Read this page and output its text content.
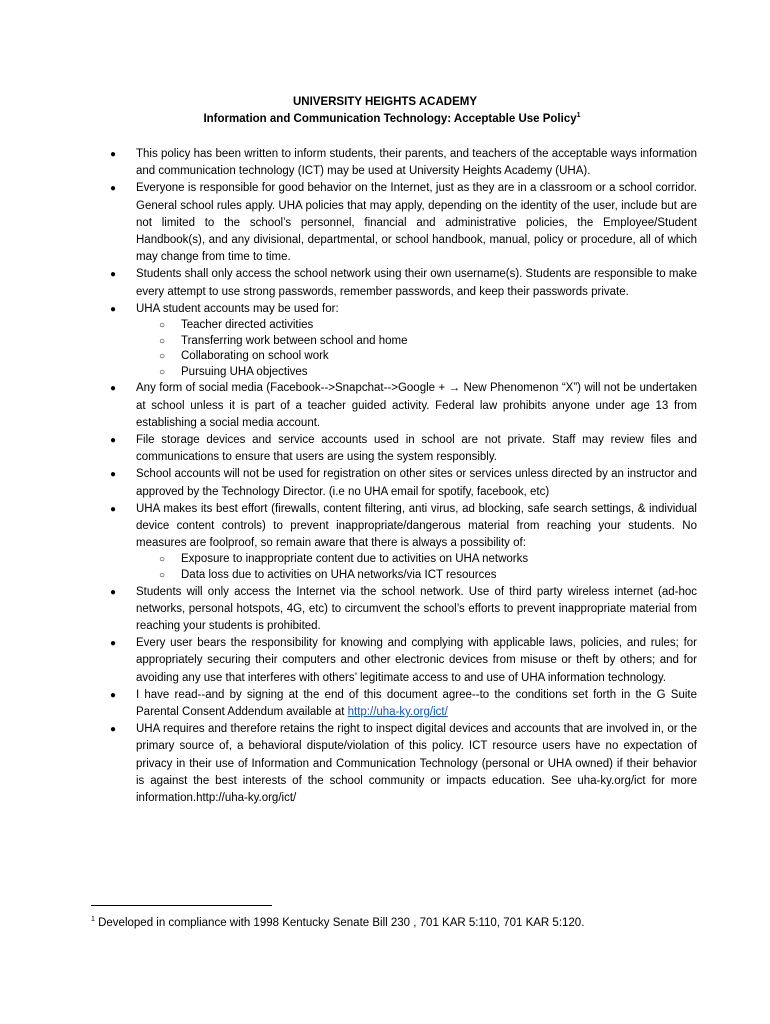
UNIVERSITY HEIGHTS ACADEMY
Information and Communication Technology: Acceptable Use Policy$^1$
● This policy has been written to inform students, their parents, and teachers of the acceptable ways information and communication technology (ICT) may be used at University Heights Academy (UHA).
● Everyone is responsible for good behavior on the Internet, just as they are in a classroom or a school corridor. General school rules apply. UHA policies that may apply, depending on the identity of the user, include but are not limited to the school’s personnel, financial and administrative policies, the Employee/Student Handbook(s), and any divisional, departmental, or school handbook, manual, policy or procedure, all of which may change from time to time.
● Students shall only access the school network using their own username(s). Students are responsible to make every attempt to use strong passwords, remember passwords, and keep their passwords private.
● UHA student accounts may be used for:
○ Teacher directed activities
○ Transferring work between school and home
○ Collaborating on school work
○ Pursuing UHA objectives
● Any form of social media (Facebook-->Snapchat-->Google + → New Phenomenon “X”) will not be undertaken at school unless it is part of a teacher guided activity. Federal law prohibits anyone under age 13 from establishing a social media account.
● File storage devices and service accounts used in school are not private. Staff may review files and communications to ensure that users are using the system responsibly.
● School accounts will not be used for registration on other sites or services unless directed by an instructor and approved by the Technology Director. (i.e no UHA email for spotify, facebook, etc)
● UHA makes its best effort (firewalls, content filtering, anti virus, ad blocking, safe search settings, & individual device content controls) to prevent inappropriate/dangerous material from reaching your students. No measures are foolproof, so remain aware that there is always a possibility of:
○ Exposure to inappropriate content due to activities on UHA networks
○ Data loss due to activities on UHA networks/via ICT resources
● Students will only access the Internet via the school network. Use of third party wireless internet (ad-hoc networks, personal hotspots, 4G, etc) to circumvent the school’s efforts to prevent inappropriate material from reaching your students is prohibited.
● Every user bears the responsibility for knowing and complying with applicable laws, policies, and rules; for appropriately securing their computers and other electronic devices from misuse or theft by others; and for avoiding any use that interferes with others’ legitimate access to and use of UHA information technology.
● I have read--and by signing at the end of this document agree--to the conditions set forth in the G Suite Parental Consent Addendum available at http://uha-ky.org/ict/
● UHA requires and therefore retains the right to inspect digital devices and accounts that are involved in, or the primary source of, a behavioral dispute/violation of this policy. ICT resource users have no expectation of privacy in their use of Information and Communication Technology (personal or UHA owned) if their behavior is against the best interests of the school community or impacts education. See uha-ky.org/ict for more information.http://uha-ky.org/ict/
$^1$ Developed in compliance with 1998 Kentucky Senate Bill 230 , 701 KAR 5:110, 701 KAR 5:120.
